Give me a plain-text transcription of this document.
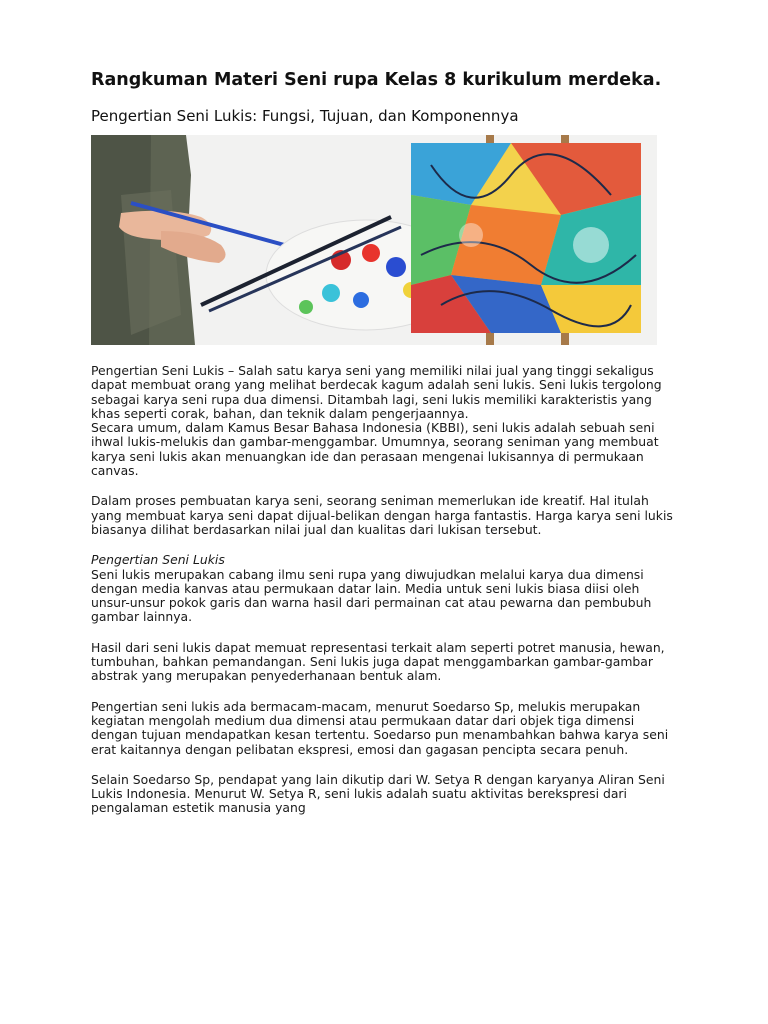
Rangkuman Materi Seni rupa Kelas 8 kurikulum merdeka.
Pengertian Seni Lukis: Fungsi, Tujuan, dan Komponennya

Pengertian Seni Lukis – Salah satu karya seni yang memiliki nilai jual yang tinggi sekaligus dapat membuat orang yang melihat berdecak kagum adalah seni lukis. Seni lukis tergolong sebagai karya seni rupa dua dimensi. Ditambah lagi, seni lukis memiliki karakteristis yang khas seperti corak, bahan, dan teknik dalam pengerjaannya.

Secara umum, dalam Kamus Besar Bahasa Indonesia (KBBI), seni lukis adalah sebuah seni ihwal lukis-melukis dan gambar-menggambar. Umumnya, seorang seniman yang membuat karya seni lukis akan menuangkan ide dan perasaan mengenai lukisannya di permukaan canvas.

Dalam proses pembuatan karya seni, seorang seniman memerlukan ide kreatif. Hal itulah yang membuat karya seni dapat dijual-belikan dengan harga fantastis. Harga karya seni lukis biasanya dilihat berdasarkan nilai jual dan kualitas dari lukisan tersebut.

Pengertian Seni Lukis

Seni lukis merupakan cabang ilmu seni rupa yang diwujudkan melalui karya dua dimensi dengan media kanvas atau permukaan datar lain. Media untuk seni lukis biasa diisi oleh unsur-unsur pokok garis dan warna hasil dari permainan cat atau pewarna dan pembubuh gambar lainnya.

Hasil dari seni lukis dapat memuat representasi terkait alam seperti potret manusia, hewan, tumbuhan, bahkan pemandangan. Seni lukis juga dapat menggambarkan gambar-gambar abstrak yang merupakan penyederhanaan bentuk alam.

Pengertian seni lukis ada bermacam-macam, menurut Soedarso Sp, melukis merupakan kegiatan mengolah medium dua dimensi atau permukaan datar dari objek tiga dimensi dengan tujuan mendapatkan kesan tertentu. Soedarso pun menambahkan bahwa karya seni erat kaitannya dengan pelibatan ekspresi, emosi dan gagasan pencipta secara penuh.

Selain Soedarso Sp, pendapat yang lain dikutip dari W. Setya R dengan karyanya Aliran Seni Lukis Indonesia. Menurut W. Setya R, seni lukis adalah suatu aktivitas berekspresi dari pengalaman estetik manusia yang
